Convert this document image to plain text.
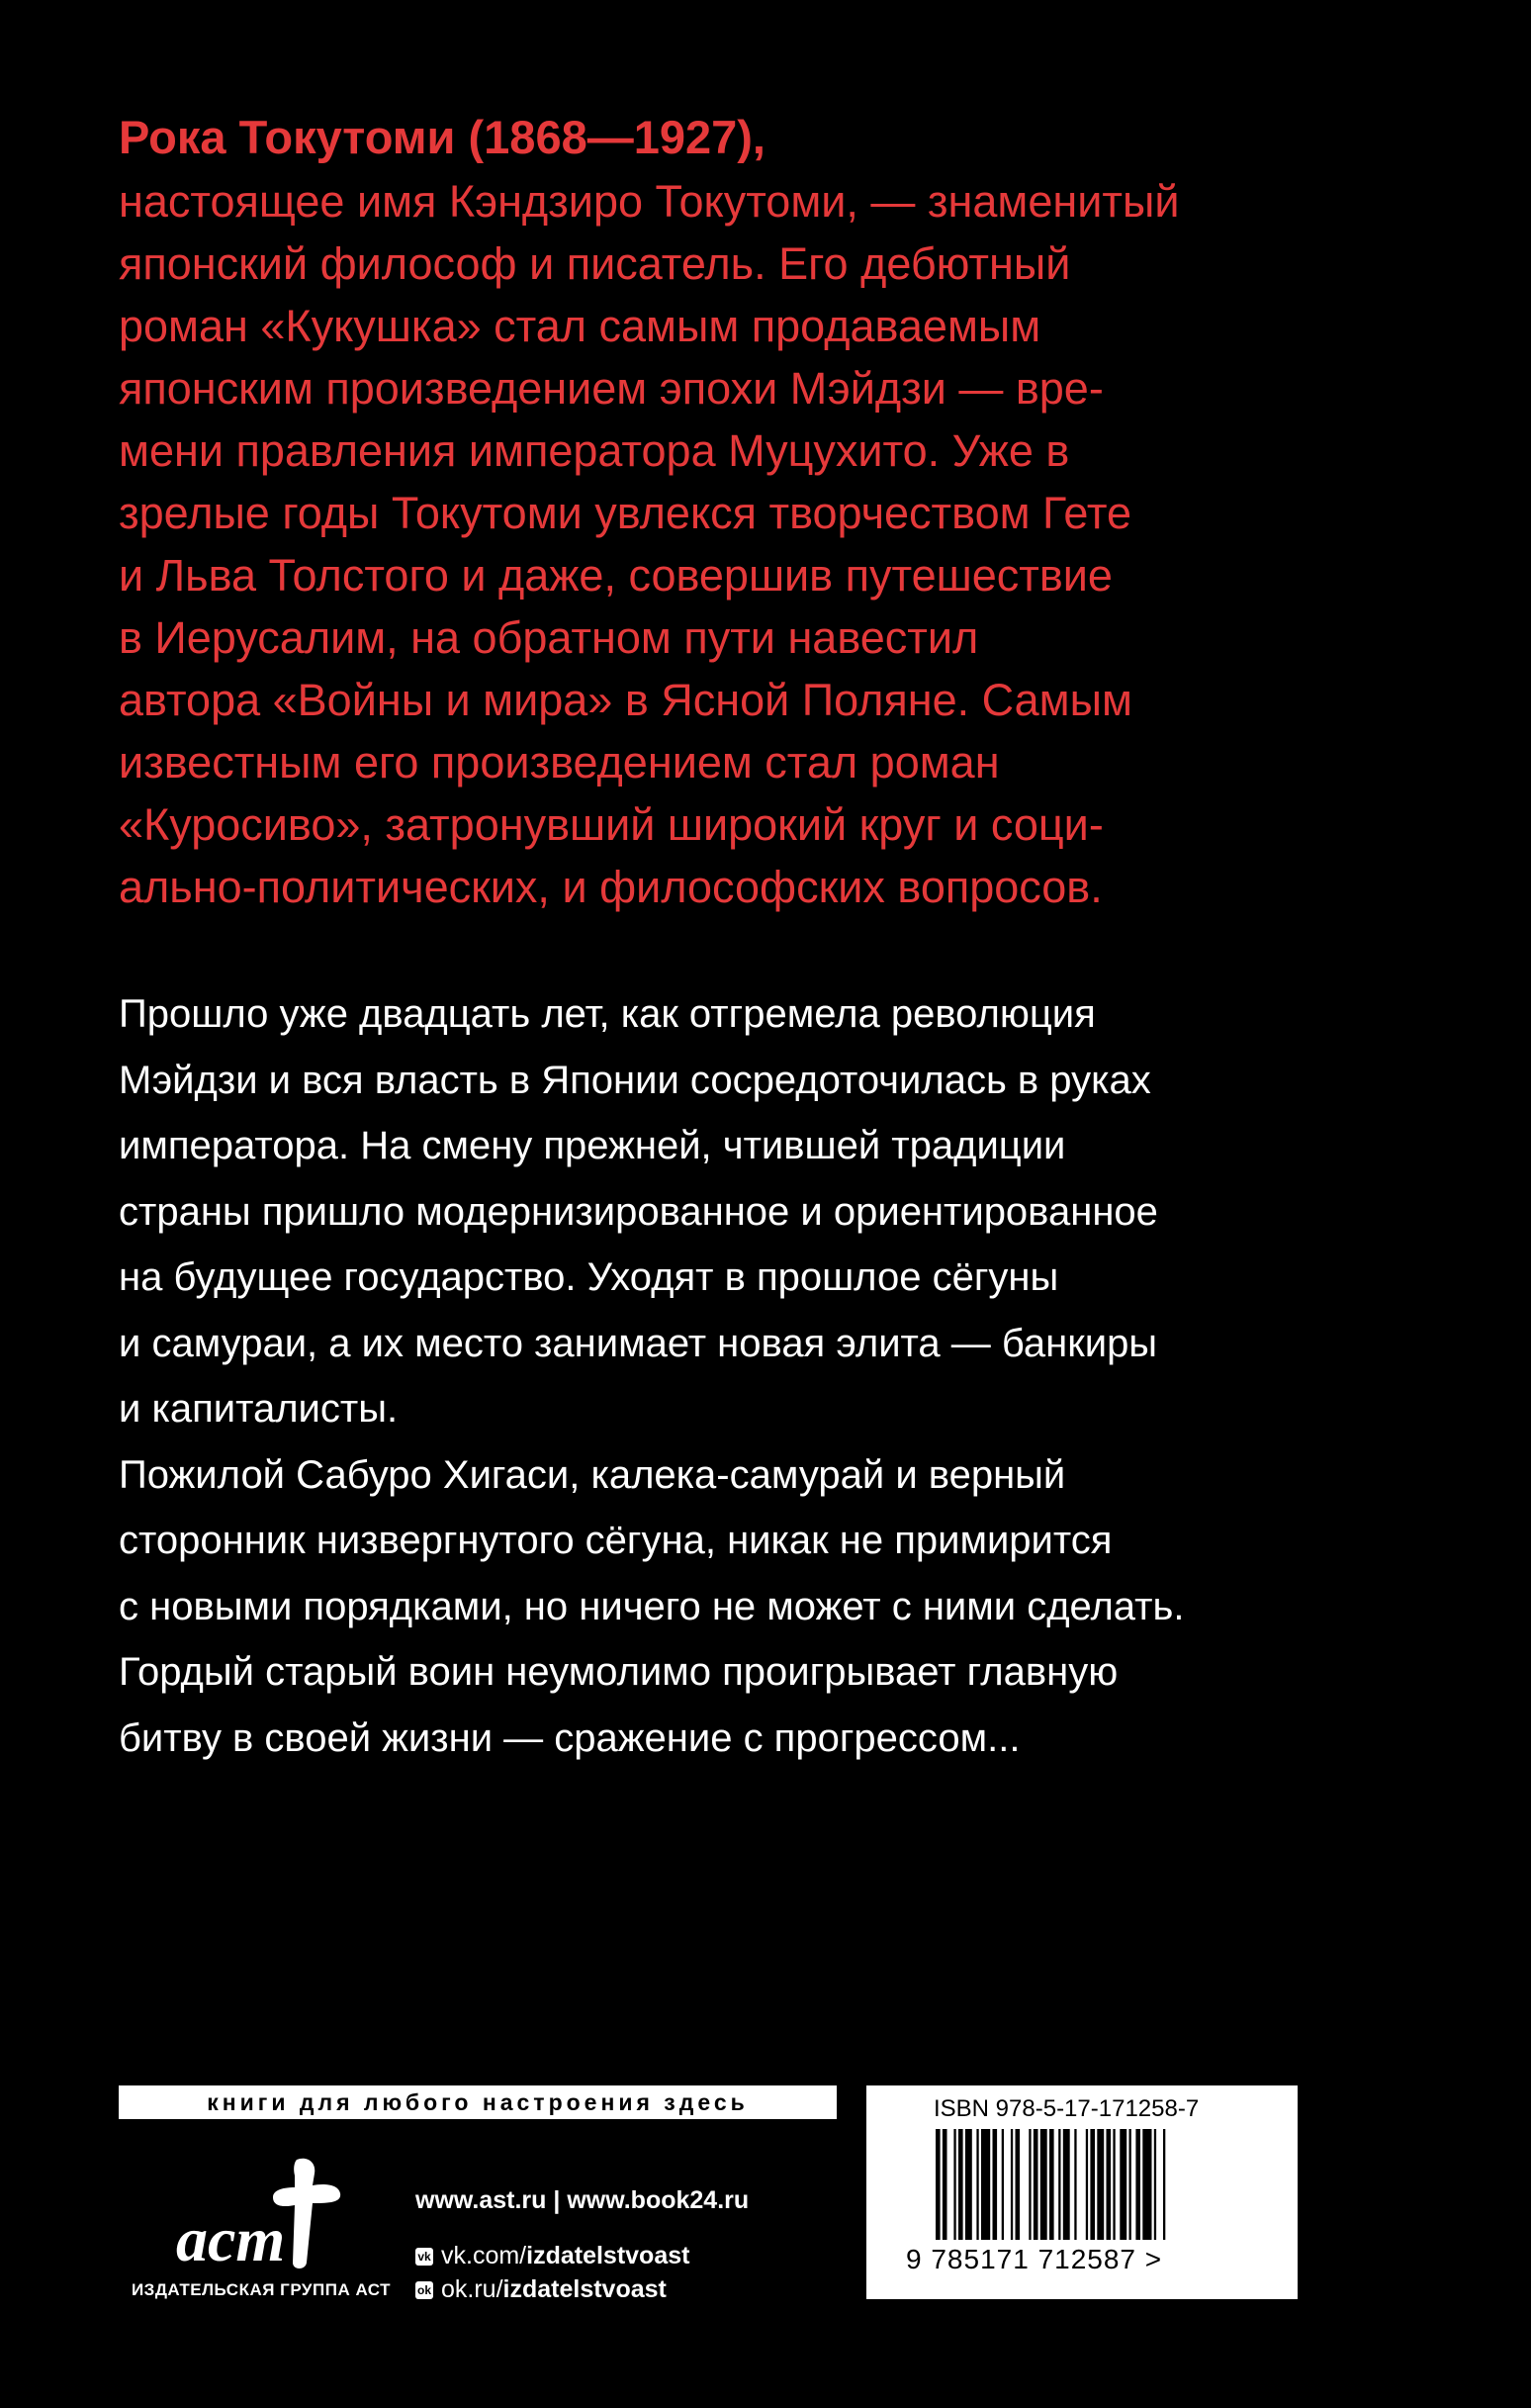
Рока Токутоми (1868—1927),
настоящее имя Кэндзиро Токутоми, — знаменитый
японский философ и писатель. Его дебютный
роман «Кукушка» стал самым продаваемым
японским произведением эпохи Мэйдзи — вре-
мени правления императора Муцухито. Уже в
зрелые годы Токутоми увлекся творчеством Гете
и Льва Толстого и даже, совершив путешествие
в Иерусалим, на обратном пути навестил
автора «Войны и мира» в Ясной Поляне. Самым
известным его произведением стал роман
«Куросиво», затронувший широкий круг и соци-
ально-политических, и философских вопросов.
Прошло уже двадцать лет, как отгремела революция
Мэйдзи и вся власть в Японии сосредоточилась в руках
императора. На смену прежней, чтившей традиции
страны пришло модернизированное и ориентированное
на будущее государство. Уходят в прошлое сёгуны
и самураи, а их место занимает новая элита — банкиры
и капиталисты.
Пожилой Сабуро Хигаси, калека-самурай и верный
сторонник низвергнутого сёгуна, никак не примирится
с новыми порядками, но ничего не может с ними сделать.
Гордый старый воин неумолимо проигрывает главную
битву в своей жизни — сражение с прогрессом...
книги для любого настроения здесь
аст
ИЗДАТЕЛЬСКАЯ ГРУППА АСТ
www.ast.ru | www.book24.ru
vk vk.com/ izdatelstvoast
ok ok.ru/ izdatelstvoast
ISBN 978-5-17-171258-7
9 785171 712587 >
